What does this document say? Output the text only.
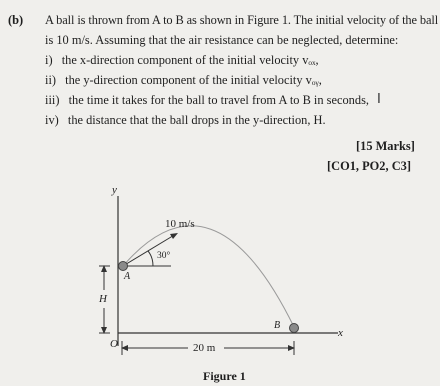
(b) A ball is thrown from A to B as shown in Figure 1. The initial velocity of the ball
is 10 m/s. Assuming that the air resistance can be neglected, determine:
i) the x-direction component of the initial velocity vₒₓ,
ii) the y-direction component of the initial velocity vₒᵧ,
iii) the time it takes for the ball to travel from A to B in seconds,
iv) the distance that the ball drops in the y-direction, H.
I
[15 Marks]
[CO1, PO2, C3]
y
x
10 m/s
30°
A
B
O
H
20 m
Figure 1
